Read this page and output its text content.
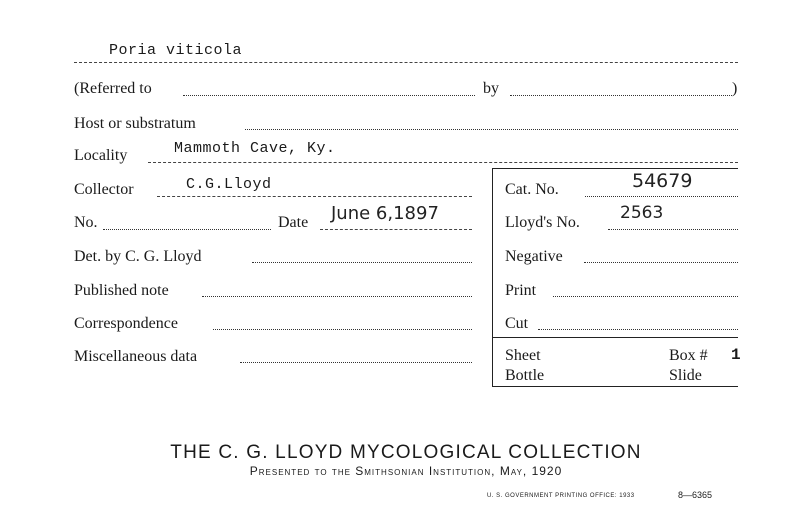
Poria viticola
(Referred to	by	)
Host or substratum
Locality	Mammoth Cave, Ky.
Collector	C.G.Lloyd	Cat. No.	54679
No.	Date June 6,1897	Lloyd's No. 2563
Det. by C. G. Lloyd	Negative
Published note	Print
Correspondence	Cut
Miscellaneous data	Sheet	Box # 1
Bottle	Slide
THE C. G. LLOYD MYCOLOGICAL COLLECTION
Presented to the Smithsonian Institution, May, 1920
U. S. GOVERNMENT PRINTING OFFICE: 1933	8—6365
